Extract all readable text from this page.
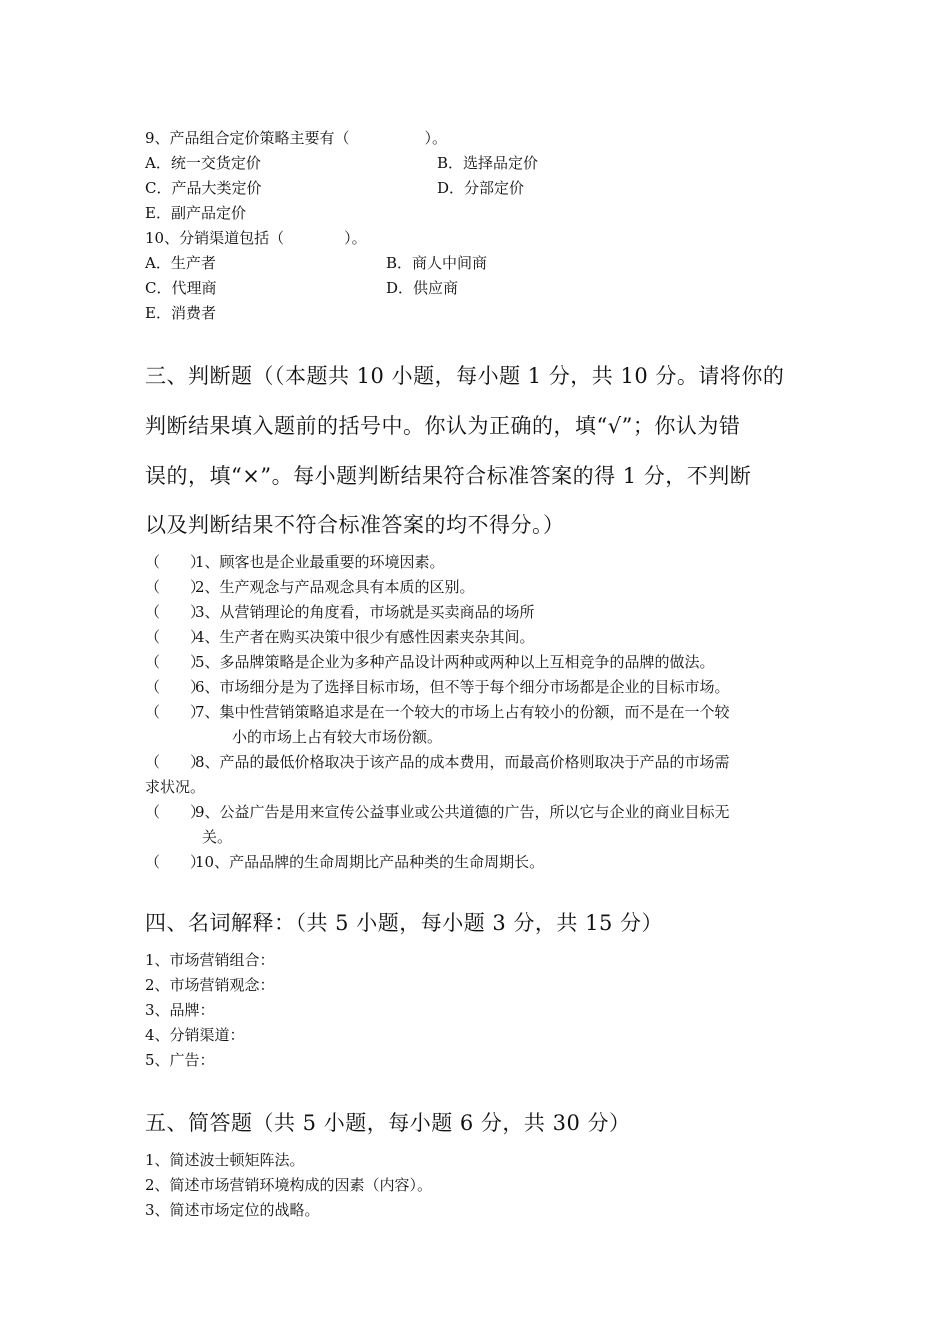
9、产品组合定价策略主要有（　　　　　）。
A．统一交货定价	B．选择品定价
C．产品大类定价	D．分部定价
E．副产品定价
10、分销渠道包括（　　　　）。
A．生产者	B．商人中间商
C．代理商	D．供应商
E．消费者
三、判断题（（本题共 10 小题，每小题 1 分，共 10 分。请将你的
判断结果填入题前的括号中。你认为正确的，填“√”；你认为错
误的，填“×”。每小题判断结果符合标准答案的得 1 分，不判断
以及判断结果不符合标准答案的均不得分。）
（　　）1、顾客也是企业最重要的环境因素。
（　　）2、生产观念与产品观念具有本质的区别。
（　　）3、从营销理论的角度看，市场就是买卖商品的场所
（　　）4、生产者在购买决策中很少有感性因素夹杂其间。
（　　）5、多品牌策略是企业为多种产品设计两种或两种以上互相竞争的品牌的做法。
（　　）6、市场细分是为了选择目标市场，但不等于每个细分市场都是企业的目标市场。
（　　）7、集中性营销策略追求是在一个较大的市场上占有较小的份额，而不是在一个较
小的市场上占有较大市场份额。
（　　）8、产品的最低价格取决于该产品的成本费用，而最高价格则取决于产品的市场需
求状况。
（　　）9、公益广告是用来宣传公益事业或公共道德的广告，所以它与企业的商业目标无
关。
（　　）10、产品品牌的生命周期比产品种类的生命周期长。
四、名词解释：（共 5 小题，每小题 3 分，共 15 分）
1、市场营销组合：
2、市场营销观念：
3、品牌：
4、分销渠道：
5、广告：
五、简答题（共 5 小题，每小题 6 分，共 30 分）
1、简述波士顿矩阵法。
2、简述市场营销环境构成的因素（内容）。
3、简述市场定位的战略。
